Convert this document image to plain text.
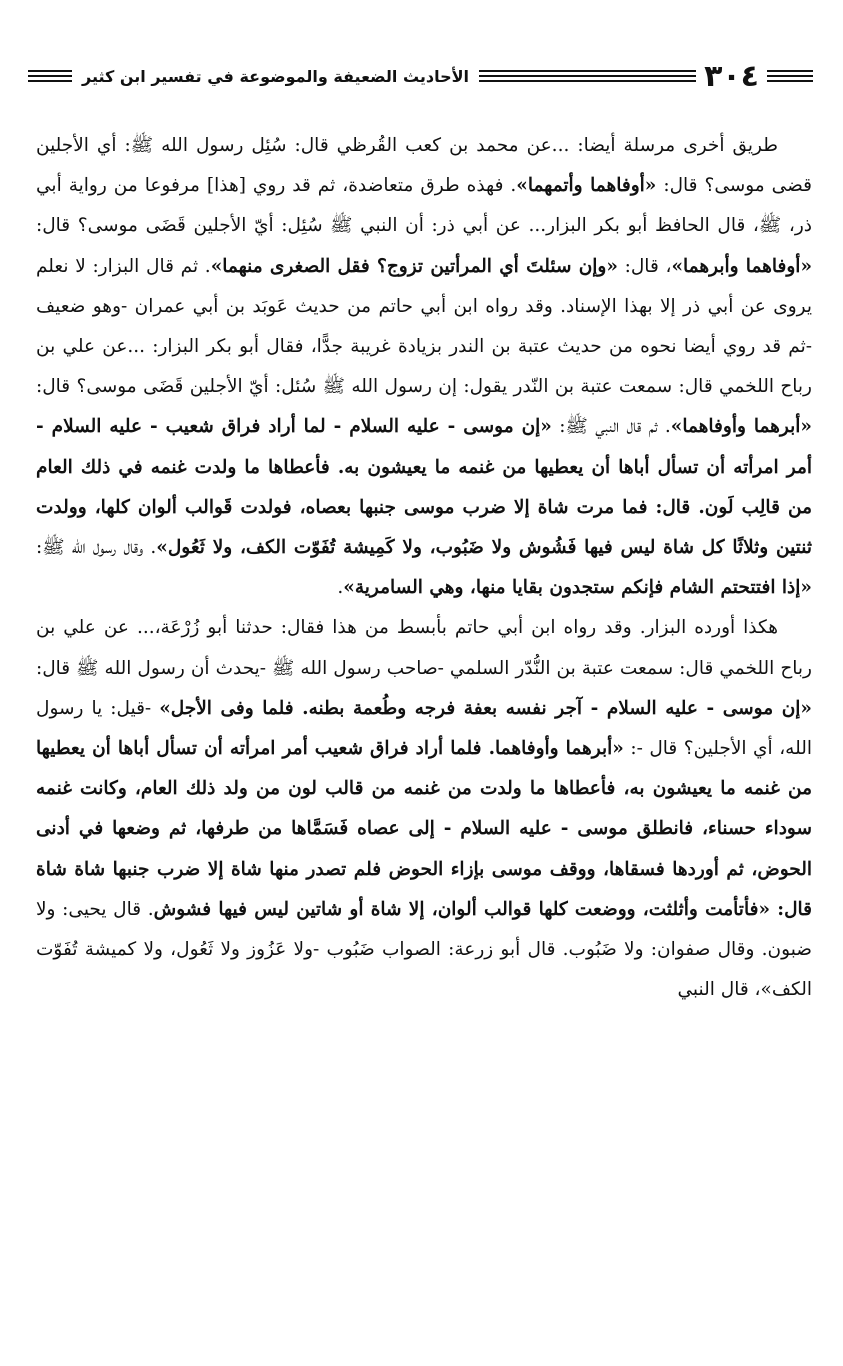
٣٠٤
الأحاديث الضعيفة والموضوعة في تفسير ابن كثير

طريق أخرى مرسلة أيضا: ...عن محمد بن كعب القُرظي قال: سُئِل رسول الله ﷺ: أي الأجلين قضى موسى؟ قال: «أوفاهما وأتمهما». فهذه طرق متعاضدة، ثم قد روي [هذا] مرفوعا من رواية أبي ذر، ﷺ، قال الحافظ أبو بكر البزار... عن أبي ذر: أن النبي ﷺ سُئِل: أيّ الأجلين قَضَى موسى؟ قال: «أوفاهما وأبرهما»، قال: «وإن سئلتَ أي المرأتين تزوج؟ فقل الصغرى منهما». ثم قال البزار: لا نعلم يروى عن أبي ذر إلا بهذا الإسناد. وقد رواه ابن أبي حاتم من حديث عَوبَد بن أبي عمران -وهو ضعيف -ثم قد روي أيضا نحوه من حديث عتبة بن الندر بزيادة غريبة جدًّا، فقال أبو بكر البزار: ...عن علي بن رباح اللخمي قال: سمعت عتبة بن النّدر يقول: إن رسول الله ﷺ سُئل: أيّ الأجلين قَضَى موسى؟ قال: «أبرهما وأوفاهما». ثم قال النبي ﷺ: «إن موسى - عليه السلام - لما أراد فراق شعيب - عليه السلام - أمر امرأته أن تسأل أباها أن يعطيها من غنمه ما يعيشون به. فأعطاها ما ولدت غنمه في ذلك العام من قالِب لَون. قال: فما مرت شاة إلا ضرب موسى جنبها بعصاه، فولدت قَوالب ألوان كلها، وولدت ثنتين وثلاثًا كل شاة ليس فيها فَشُوش ولا ضَبُوب، ولا كَمِيشة تُفَوّت الكف، ولا ثَعُول». وقال رسول الله ﷺ: «إذا افتتحتم الشام فإنكم ستجدون بقايا منها، وهي السامرية».

هكذا أورده البزار. وقد رواه ابن أبي حاتم بأبسط من هذا فقال: حدثنا أبو زُرْعَة،... عن علي بن رباح اللخمي قال: سمعت عتبة بن النُّدّر السلمي -صاحب رسول الله ﷺ -يحدث أن رسول الله ﷺ قال: «إن موسى - عليه السلام - آجر نفسه بعفة فرجه وطُعمة بطنه. فلما وفى الأجل» -قيل: يا رسول الله، أي الأجلين؟ قال -: «أبرهما وأوفاهما. فلما أراد فراق شعيب أمر امرأته أن تسأل أباها أن يعطيها من غنمه ما يعيشون به، فأعطاها ما ولدت من غنمه من قالب لون من ولد ذلك العام، وكانت غنمه سوداء حسناء، فانطلق موسى - عليه السلام - إلى عصاه فَسَمَّاها من طرفها، ثم وضعها في أدنى الحوض، ثم أوردها فسقاها، ووقف موسى بإزاء الحوض فلم تصدر منها شاة إلا ضرب جنبها شاة شاة قال: «فأتأمت وأثلثت، ووضعت كلها قوالب ألوان، إلا شاة أو شاتين ليس فيها فشوش. قال يحيى: ولا ضبون. وقال صفوان: ولا ضَبُوب. قال أبو زرعة: الصواب ضَبُوب -ولا عَزُوز ولا ثَعُول، ولا كميشة تُفَوّت الكف»، قال النبي
